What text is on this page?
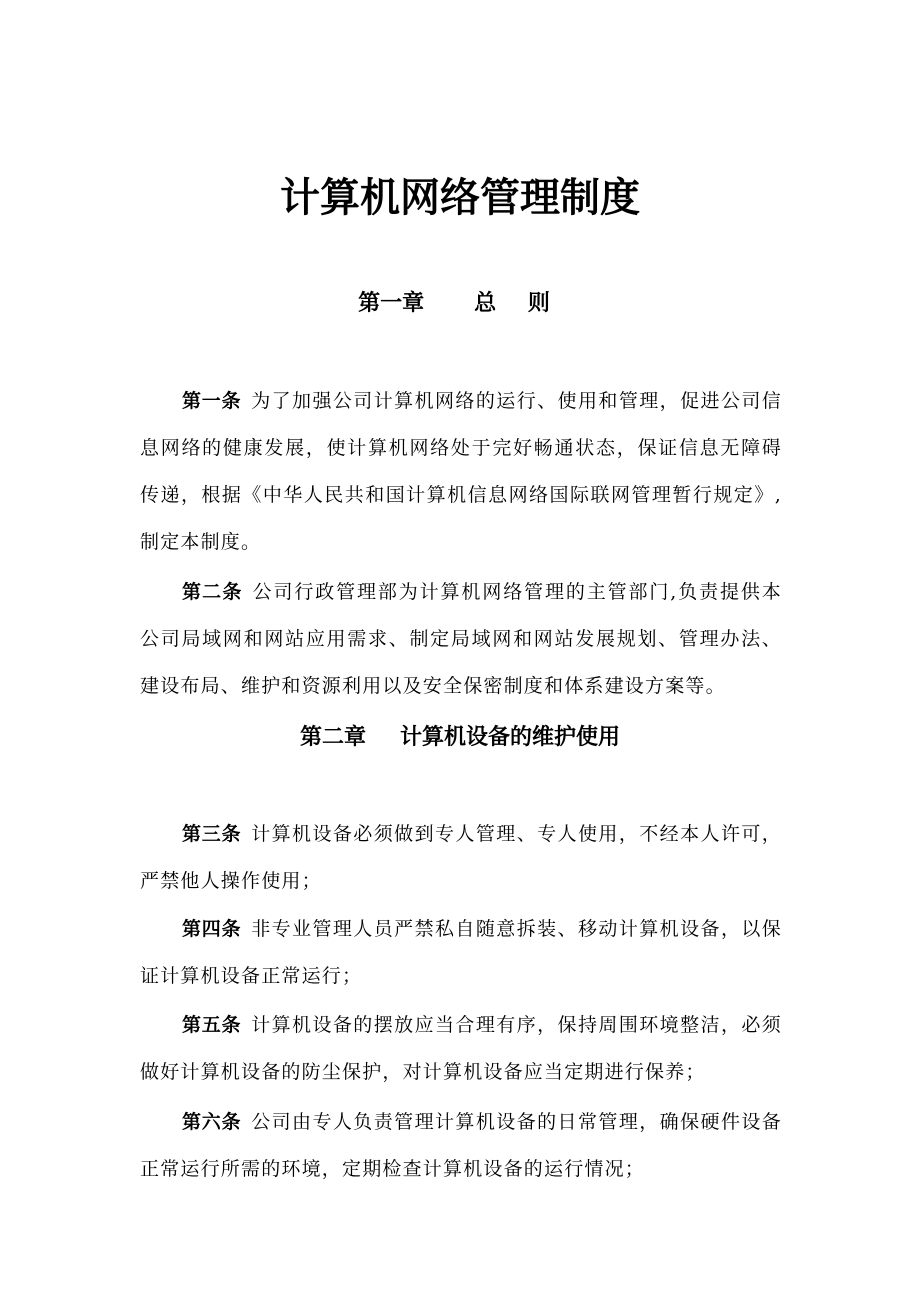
计算机网络管理制度
第一章 总 则
第一条 为了加强公司计算机网络的运行、使用和管理，促进公司信息网络的健康发展，使计算机网络处于完好畅通状态，保证信息无障碍传递，根据《中华人民共和国计算机信息网络国际联网管理暂行规定》,制定本制度。
第二条 公司行政管理部为计算机网络管理的主管部门,负责提供本公司局域网和网站应用需求、制定局域网和网站发展规划、管理办法、建设布局、维护和资源利用以及安全保密制度和体系建设方案等。
第二章 计算机设备的维护使用
第三条 计算机设备必须做到专人管理、专人使用，不经本人许可，严禁他人操作使用；
第四条 非专业管理人员严禁私自随意拆装、移动计算机设备，以保证计算机设备正常运行；
第五条 计算机设备的摆放应当合理有序，保持周围环境整洁，必须做好计算机设备的防尘保护，对计算机设备应当定期进行保养；
第六条 公司由专人负责管理计算机设备的日常管理，确保硬件设备正常运行所需的环境，定期检查计算机设备的运行情况；
